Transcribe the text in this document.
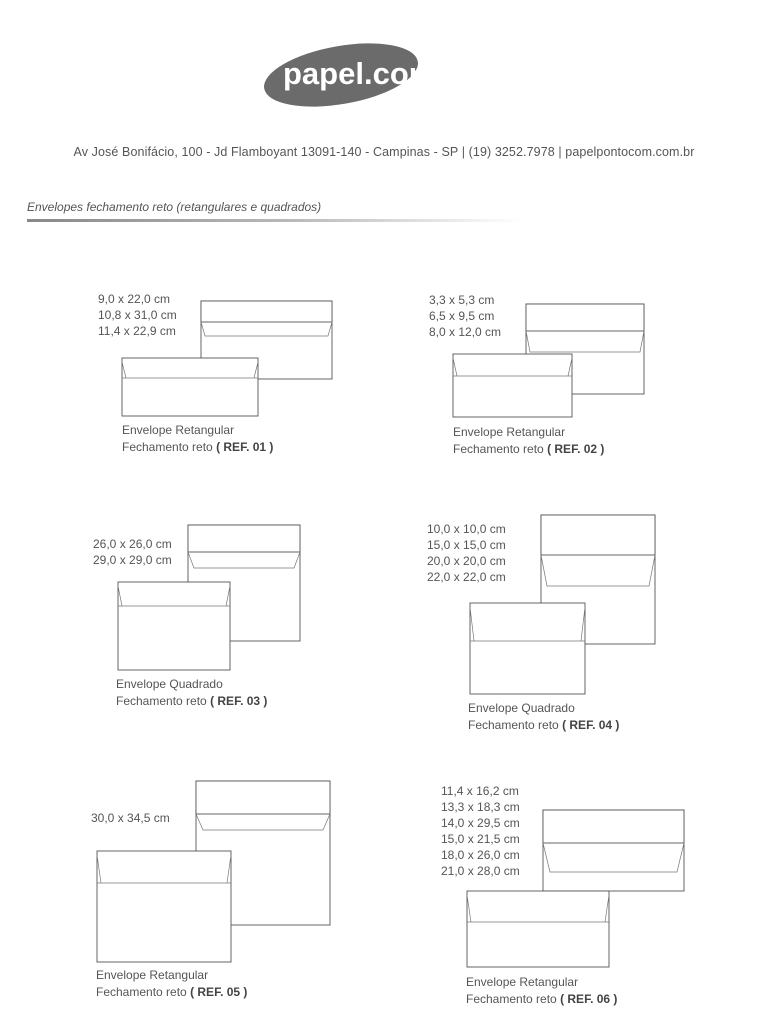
papel.com
Av José Bonifácio, 100 - Jd Flamboyant 13091-140 - Campinas - SP | (19) 3252.7978 | papelpontocom.com.br
Envelopes fechamento reto (retangulares e quadrados)
9,0 x 22,0 cm
10,8 x 31,0 cm
11,4 x 22,9 cm
Envelope Retangular
Fechamento reto ( REF. 01 )
3,3 x 5,3 cm
6,5 x 9,5 cm
8,0 x 12,0 cm
Envelope Retangular
Fechamento reto ( REF. 02 )
26,0 x 26,0 cm
29,0 x 29,0 cm
Envelope Quadrado
Fechamento reto ( REF. 03 )
10,0 x 10,0 cm
15,0 x 15,0 cm
20,0 x 20,0 cm
22,0 x 22,0 cm
Envelope Quadrado
Fechamento reto ( REF. 04 )
30,0 x 34,5 cm
Envelope Retangular
Fechamento reto ( REF. 05 )
11,4 x 16,2 cm
13,3 x 18,3 cm
14,0 x 29,5 cm
15,0 x 21,5 cm
18,0 x 26,0 cm
21,0 x 28,0 cm
Envelope Retangular
Fechamento reto ( REF. 06 )
